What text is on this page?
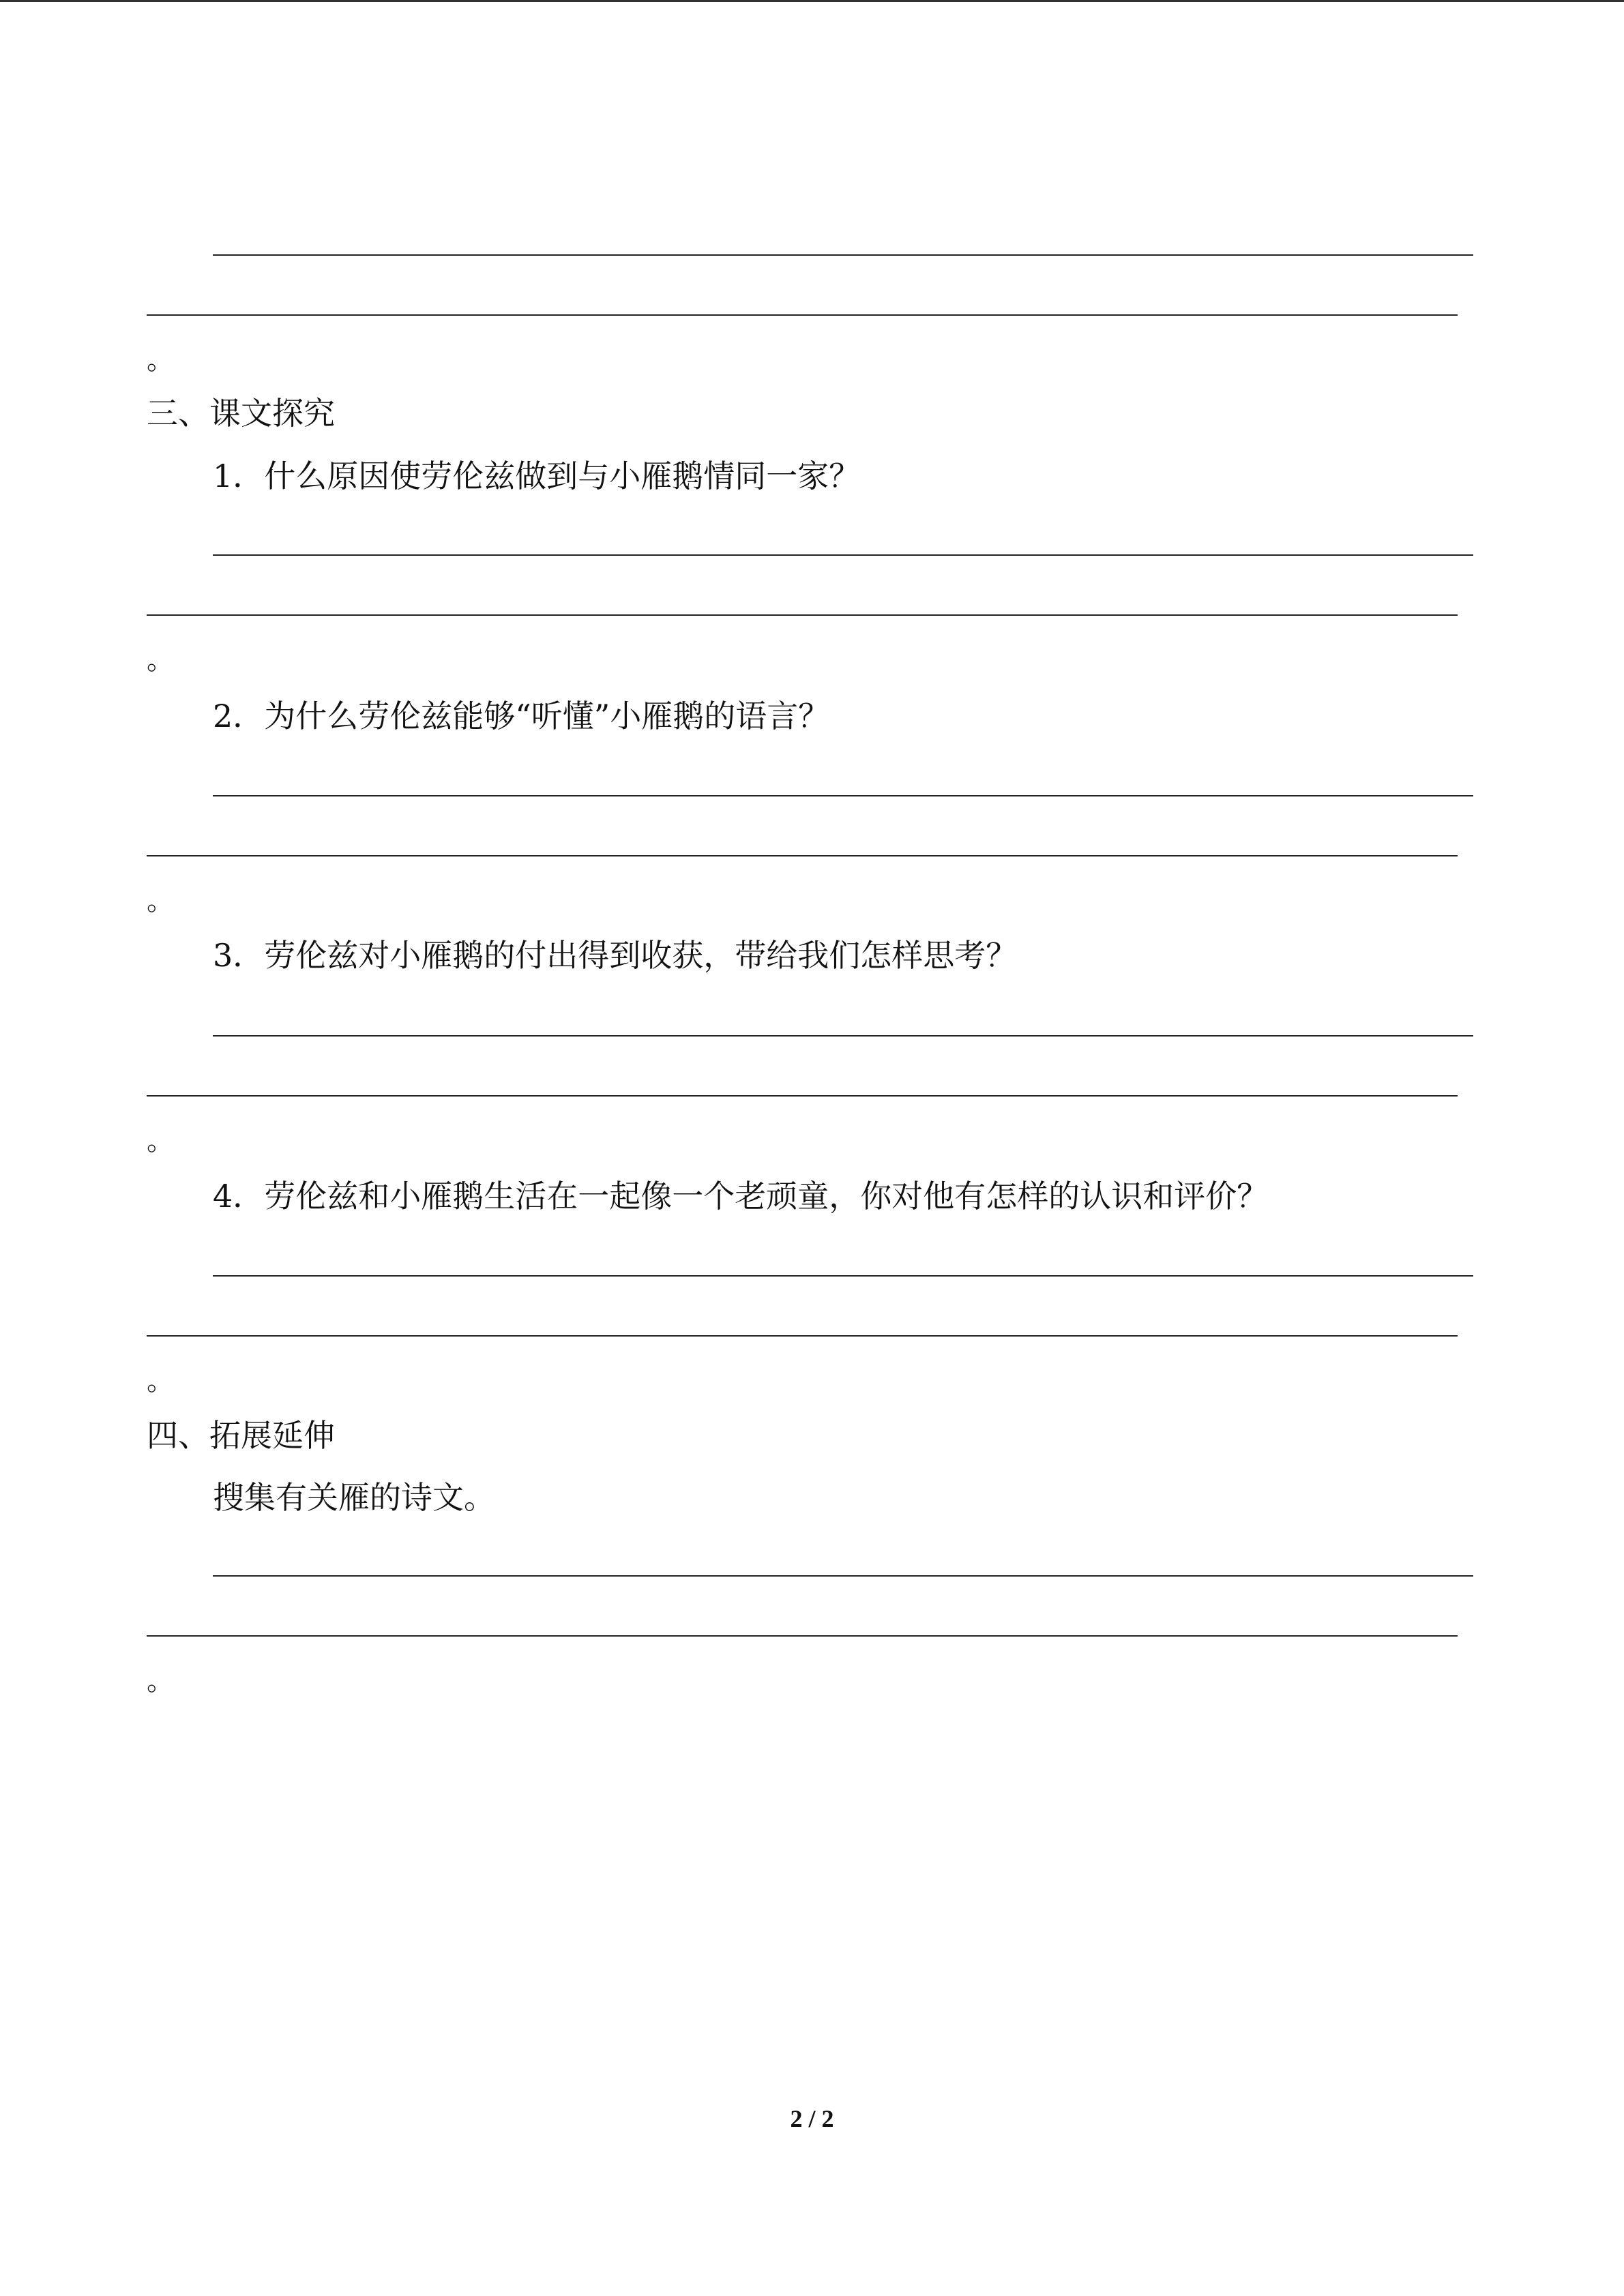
。
三、课文探究
1．什么原因使劳伦兹做到与小雁鹅情同一家？
。
2．为什么劳伦兹能够“听懂”小雁鹅的语言？
。
3．劳伦兹对小雁鹅的付出得到收获，带给我们怎样思考？
。
4．劳伦兹和小雁鹅生活在一起像一个老顽童，你对他有怎样的认识和评价？
。
四、拓展延伸
搜集有关雁的诗文。
。
2 / 2
